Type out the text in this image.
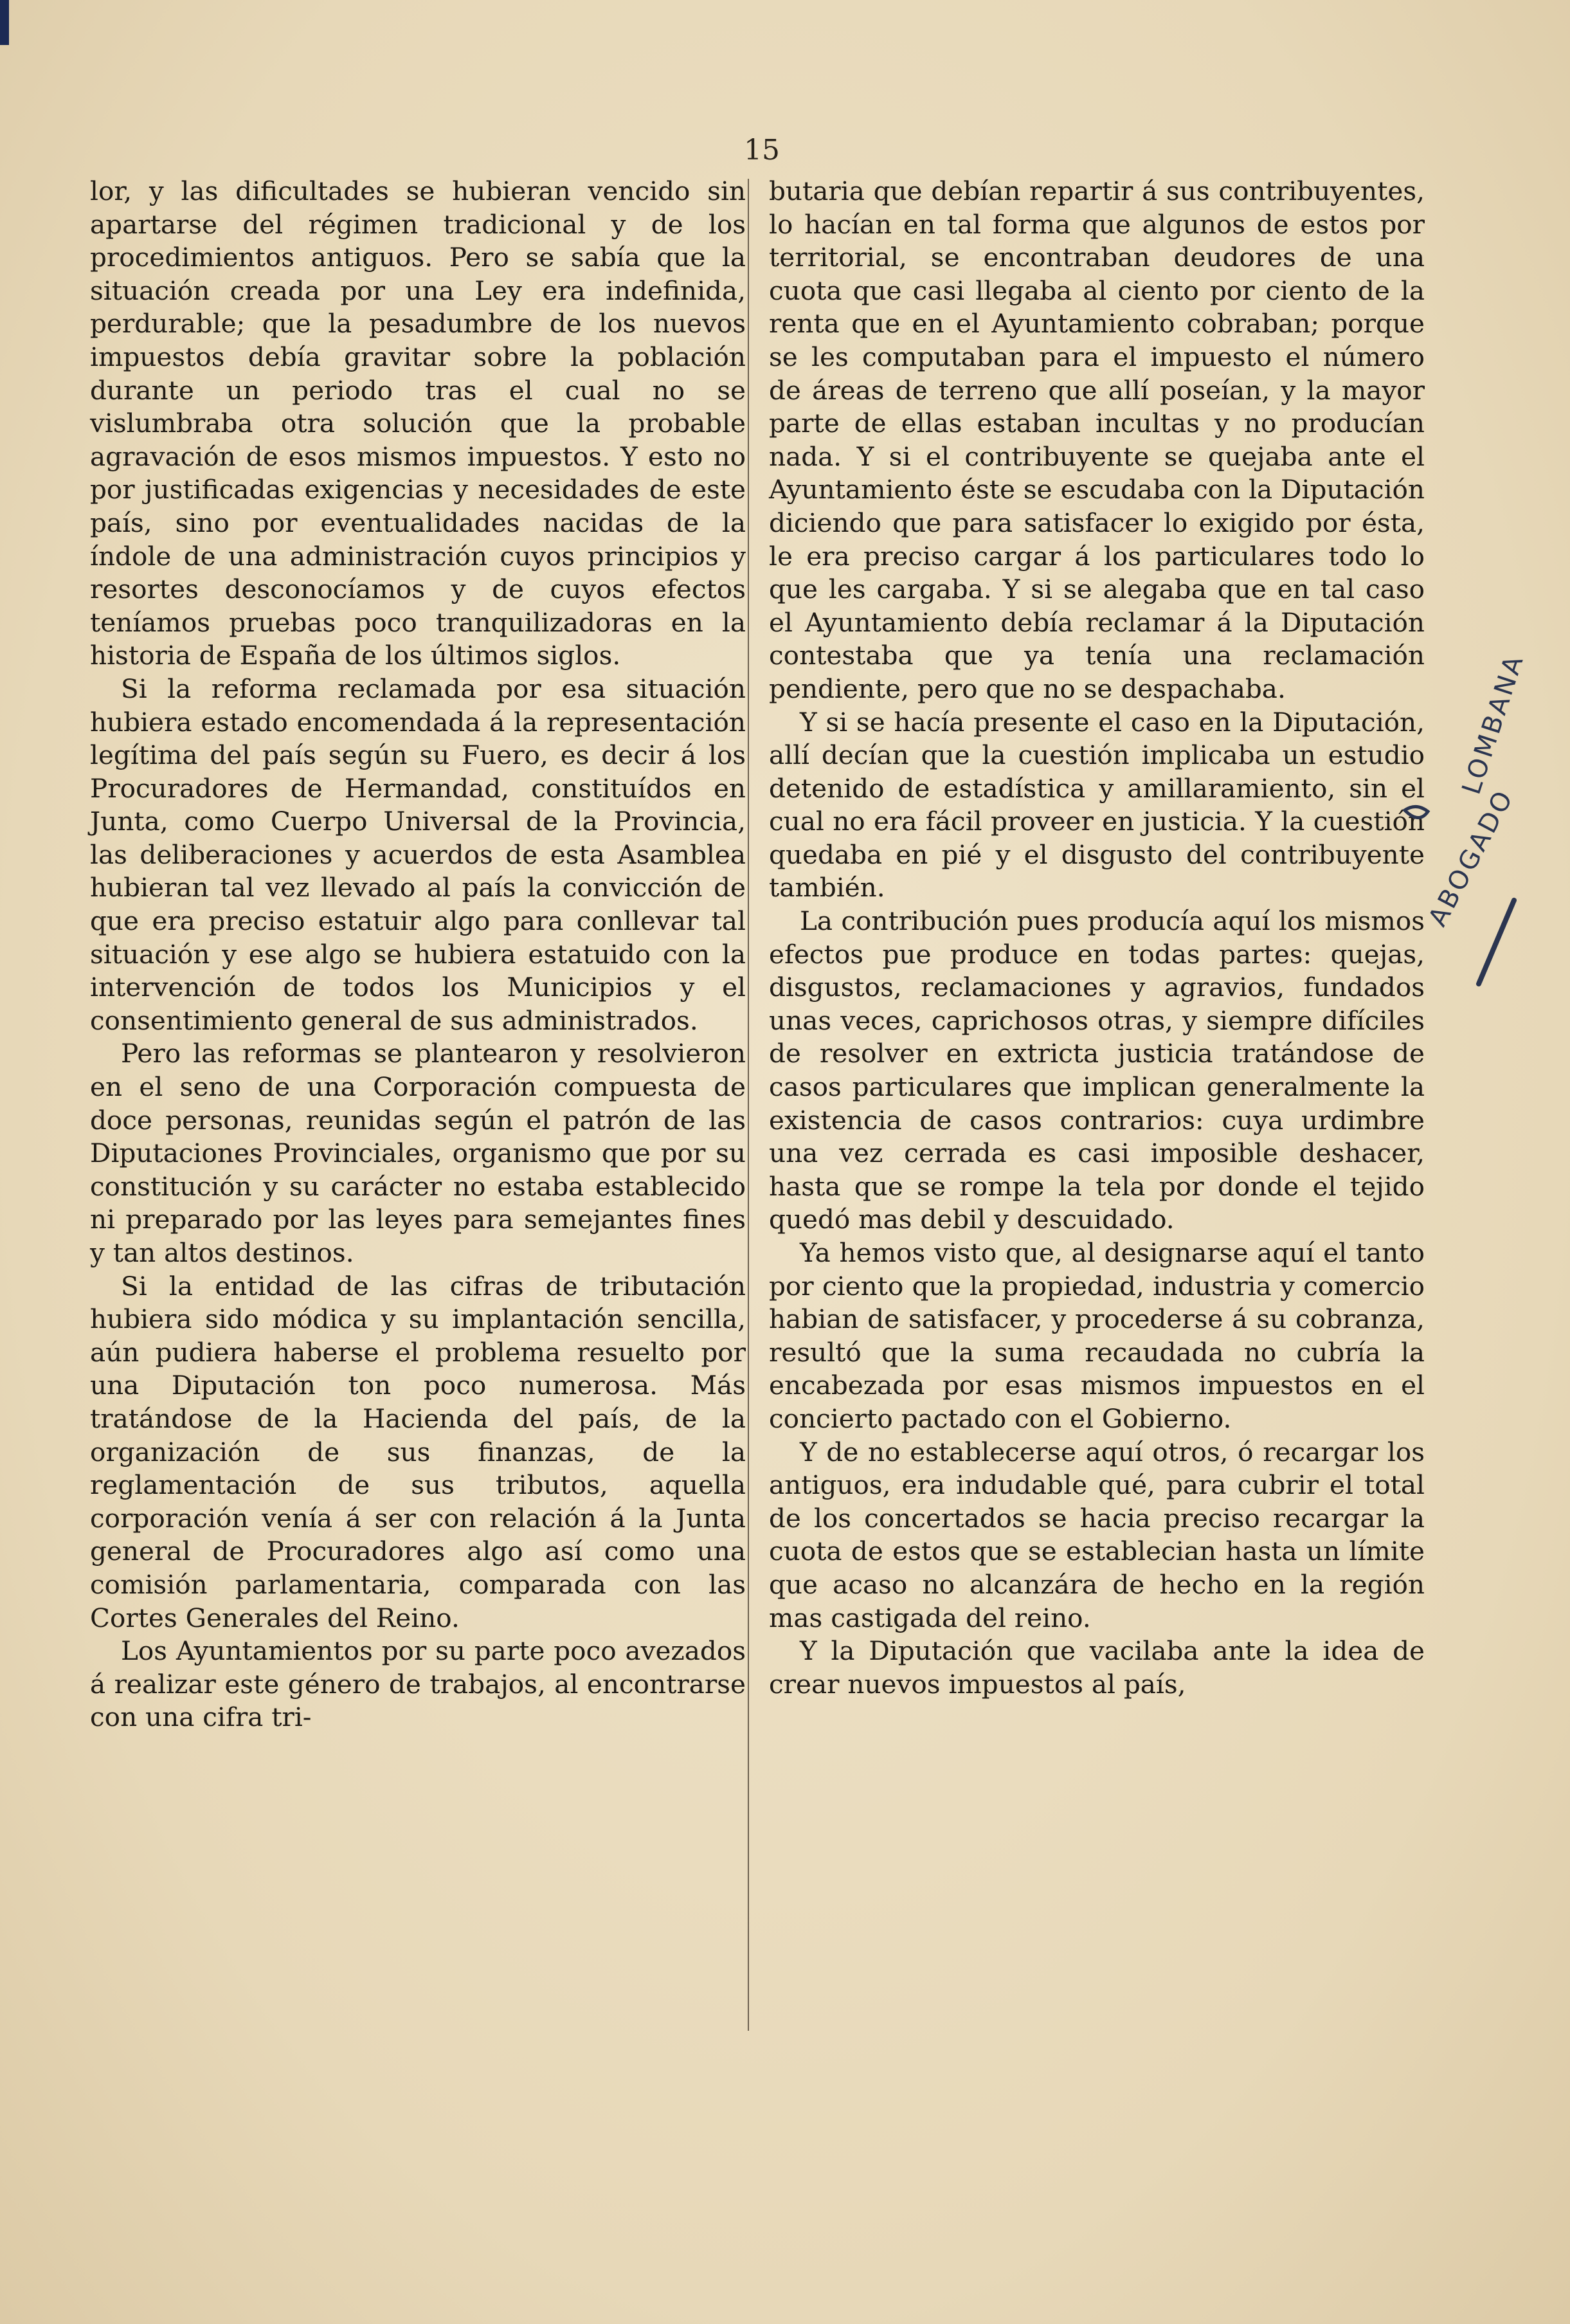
15

lor, y las dificultades se hubieran vencido sin apartarse del régimen tradicional y de los procedimientos antiguos. Pero se sabía que la situación creada por una Ley era indefinida, perdurable; que la pesadumbre de los nuevos impuestos debía gravitar sobre la población durante un periodo tras el cual no se vislumbraba otra solución que la probable agravación de esos mismos impuestos. Y esto no por justificadas exigencias y necesidades de este país, sino por eventualidades nacidas de la índole de una administración cuyos principios y resortes desconocíamos y de cuyos efectos teníamos pruebas poco tranquilizadoras en la historia de España de los últimos siglos.

Si la reforma reclamada por esa situación hubiera estado encomendada á la representación legítima del país según su Fuero, es decir á los Procuradores de Hermandad, constituídos en Junta, como Cuerpo Universal de la Provincia, las deliberaciones y acuerdos de esta Asamblea hubieran tal vez llevado al país la convicción de que era preciso estatuir algo para conllevar tal situación y ese algo se hubiera estatuido con la intervención de todos los Municipios y el consentimiento general de sus administrados.

Pero las reformas se plantearon y resolvieron en el seno de una Corporación compuesta de doce personas, reunidas según el patrón de las Diputaciones Provinciales, organismo que por su constitución y su carácter no estaba establecido ni preparado por las leyes para semejantes fines y tan altos destinos.

Si la entidad de las cifras de tributación hubiera sido módica y su implantación sencilla, aún pudiera haberse el problema resuelto por una Diputación ton poco numerosa. Más tratándose de la Hacienda del país, de la organización de sus finanzas, de la reglamentación de sus tributos, aquella corporación venía á ser con relación á la Junta general de Procuradores algo así como una comisión parlamentaria, comparada con las Cortes Generales del Reino.

Los Ayuntamientos por su parte poco avezados á realizar este género de trabajos, al encontrarse con una cifra tri-

butaria que debían repartir á sus contribuyentes, lo hacían en tal forma que algunos de estos por territorial, se encontraban deudores de una cuota que casi llegaba al ciento por ciento de la renta que en el Ayuntamiento cobraban; porque se les computaban para el impuesto el número de áreas de terreno que allí poseían, y la mayor parte de ellas estaban incultas y no producían nada. Y si el contribuyente se quejaba ante el Ayuntamiento éste se escudaba con la Diputación diciendo que para satisfacer lo exigido por ésta, le era preciso cargar á los particulares todo lo que les cargaba. Y si se alegaba que en tal caso el Ayuntamiento debía reclamar á la Diputación contestaba que ya tenía una reclamación pendiente, pero que no se despachaba.

Y si se hacía presente el caso en la Diputación, allí decían que la cuestión implicaba un estudio detenido de estadística y amillaramiento, sin el cual no era fácil proveer en justicia. Y la cuestión quedaba en pié y el disgusto del contribuyente también.

La contribución pues producía aquí los mismos efectos pue produce en todas partes: quejas, disgustos, reclamaciones y agravios, fundados unas veces, caprichosos otras, y siempre difíciles de resolver en extricta justicia tratándose de casos particulares que implican generalmente la existencia de casos contrarios: cuya urdimbre una vez cerrada es casi imposible deshacer, hasta que se rompe la tela por donde el tejido quedó mas debil y descuidado.

Ya hemos visto que, al designarse aquí el tanto por ciento que la propiedad, industria y comercio habian de satisfacer, y procederse á su cobranza, resultó que la suma recaudada no cubría la encabezada por esas mismos impuestos en el concierto pactado con el Gobierno.

Y de no establecerse aquí otros, ó recargar los antiguos, era indudable qué, para cubrir el total de los concertados se hacia preciso recargar la cuota de estos que se establecian hasta un límite que acaso no alcanzára de hecho en la región mas castigada del reino.

Y la Diputación que vacilaba ante la idea de crear nuevos impuestos al país,

LOMBANA
ABOGADO
